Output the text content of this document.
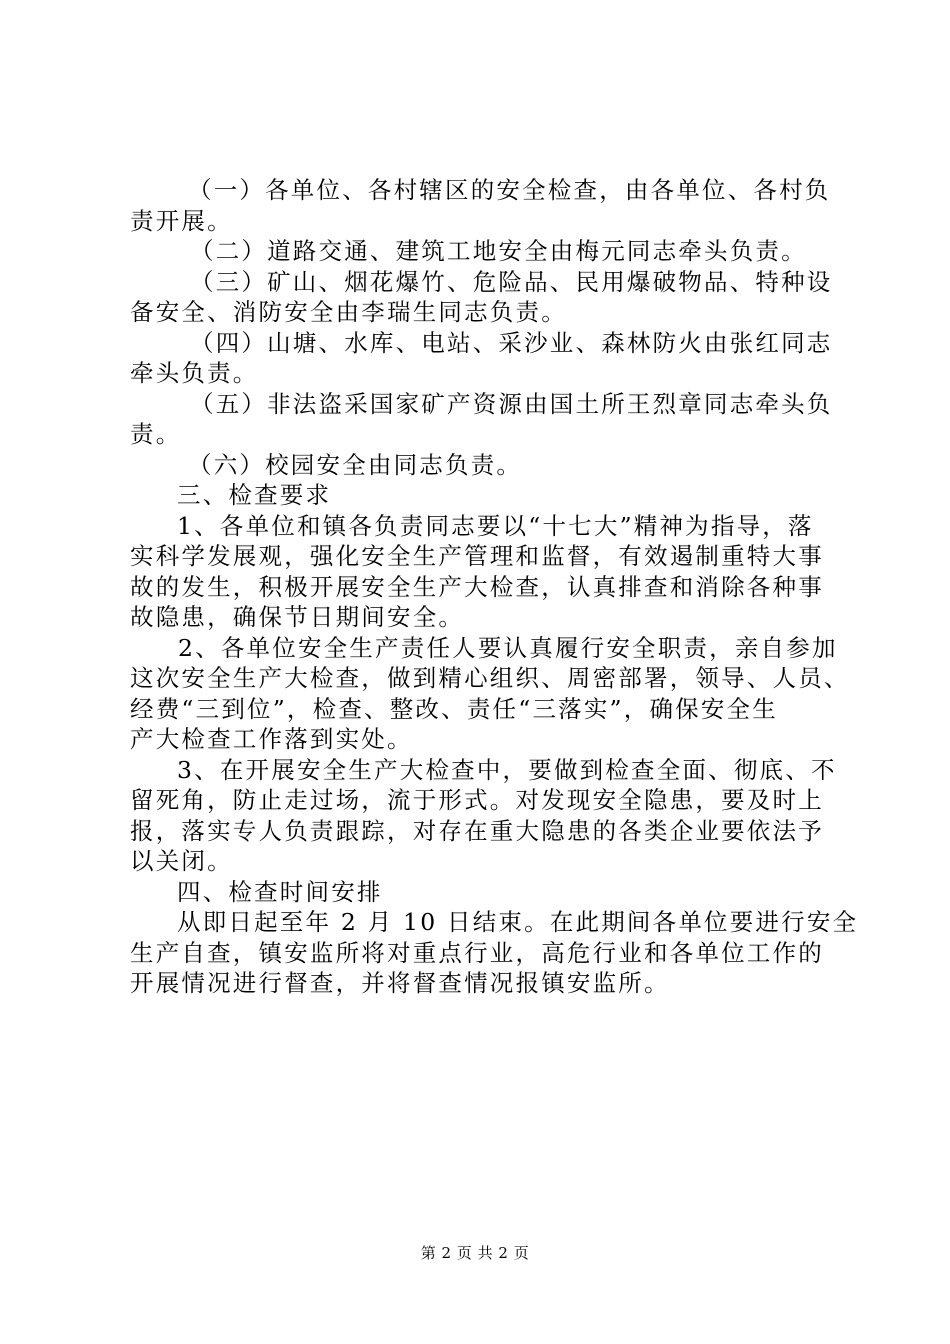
（一）各单位、各村辖区的安全检查，由各单位、各村负
责开展。
（二）道路交通、建筑工地安全由梅元同志牵头负责。
（三）矿山、烟花爆竹、危险品、民用爆破物品、特种设
备安全、消防安全由李瑞生同志负责。
（四）山塘、水库、电站、采沙业、森林防火由张红同志
牵头负责。
（五）非法盗采国家矿产资源由国土所王烈章同志牵头负
责。
（六）校园安全由同志负责。
三、检查要求
1、各单位和镇各负责同志要以“十七大”精神为指导，落
实科学发展观，强化安全生产管理和监督，有效遏制重特大事
故的发生，积极开展安全生产大检查，认真排查和消除各种事
故隐患，确保节日期间安全。
2、各单位安全生产责任人要认真履行安全职责，亲自参加
这次安全生产大检查，做到精心组织、周密部署，领导、人员、
经费“三到位”，检查、整改、责任“三落实”，确保安全生
产大检查工作落到实处。
3、在开展安全生产大检查中，要做到检查全面、彻底、不
留死角，防止走过场，流于形式。对发现安全隐患，要及时上
报，落实专人负责跟踪，对存在重大隐患的各类企业要依法予
以关闭。
四、检查时间安排
从即日起至年 2 月 10 日结束。在此期间各单位要进行安全
生产自查，镇安监所将对重点行业，高危行业和各单位工作的
开展情况进行督查，并将督查情况报镇安监所。
第 2 页 共 2 页
